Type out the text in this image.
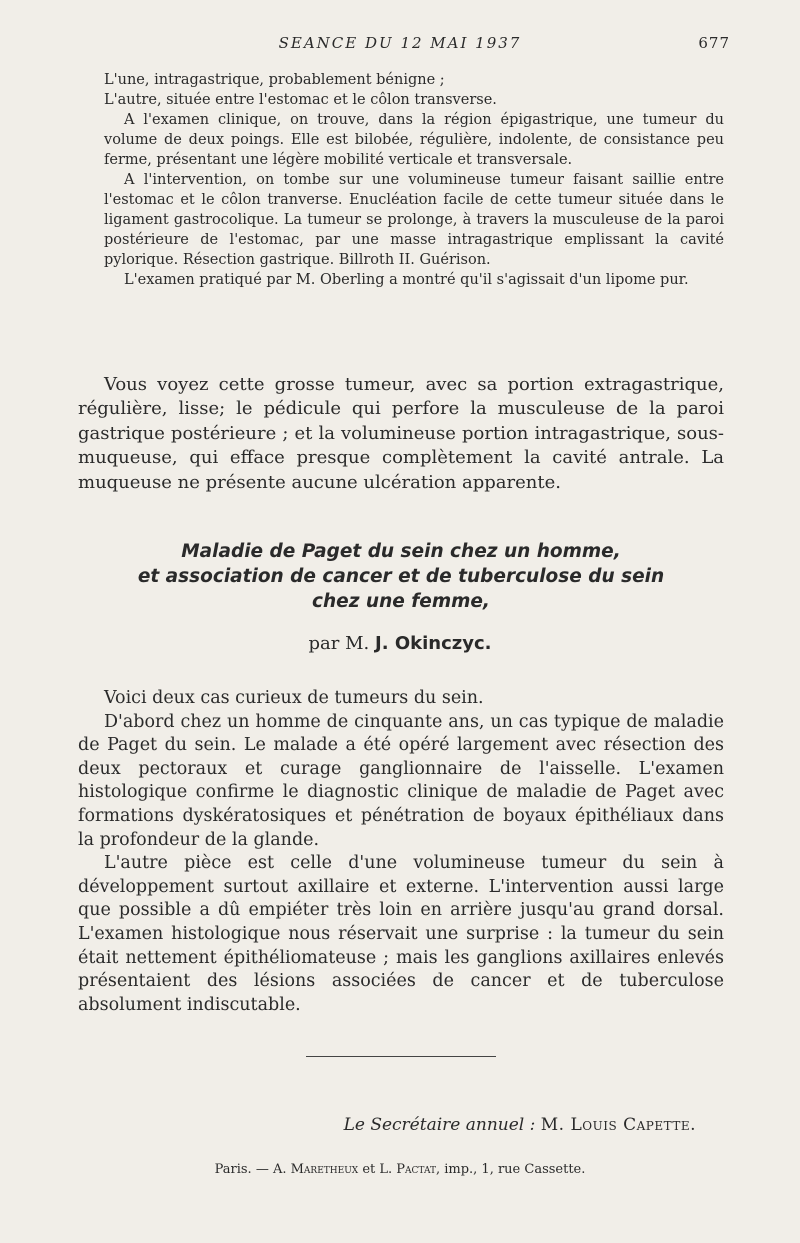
SEANCE DU 12 MAI 1937	677

L'une, intragastrique, probablement bénigne ;

L'autre, située entre l'estomac et le côlon transverse.

A l'examen clinique, on trouve, dans la région épigastrique, une tumeur du volume de deux poings. Elle est bilobée, régulière, indolente, de consistance peu ferme, présentant une légère mobilité verticale et transversale.

A l'intervention, on tombe sur une volumineuse tumeur faisant saillie entre l'estomac et le côlon tranverse. Enucléation facile de cette tumeur située dans le ligament gastrocolique. La tumeur se prolonge, à travers la musculeuse de la paroi postérieure de l'estomac, par une masse intragastrique emplissant la cavité pylorique. Résection gastrique. Billroth II. Guérison.

L'examen pratiqué par M. Oberling a montré qu'il s'agissait d'un lipome pur.

Vous voyez cette grosse tumeur, avec sa portion extragastrique, régulière, lisse; le pédicule qui perfore la musculeuse de la paroi gastrique postérieure ; et la volumineuse portion intragastrique, sous-muqueuse, qui efface presque complètement la cavité antrale. La muqueuse ne présente aucune ulcération apparente.

Maladie de Paget du sein chez un homme,
et association de cancer et de tuberculose du sein
chez une femme,
par M. J. Okinczyc.

Voici deux cas curieux de tumeurs du sein.

D'abord chez un homme de cinquante ans, un cas typique de maladie de Paget du sein. Le malade a été opéré largement avec résection des deux pectoraux et curage ganglionnaire de l'aisselle. L'examen histologique confirme le diagnostic clinique de maladie de Paget avec formations dyskératosiques et pénétration de boyaux épithéliaux dans la profondeur de la glande.

L'autre pièce est celle d'une volumineuse tumeur du sein à développement surtout axillaire et externe. L'intervention aussi large que possible a dû empiéter très loin en arrière jusqu'au grand dorsal. L'examen histologique nous réservait une surprise : la tumeur du sein était nettement épithéliomateuse ; mais les ganglions axillaires enlevés présentaient des lésions associées de cancer et de tuberculose absolument indiscutable.

Le Secrétaire annuel : M. Louis Capette.
Paris. — A. Maretheux et L. Pactat, imp., 1, rue Cassette.
